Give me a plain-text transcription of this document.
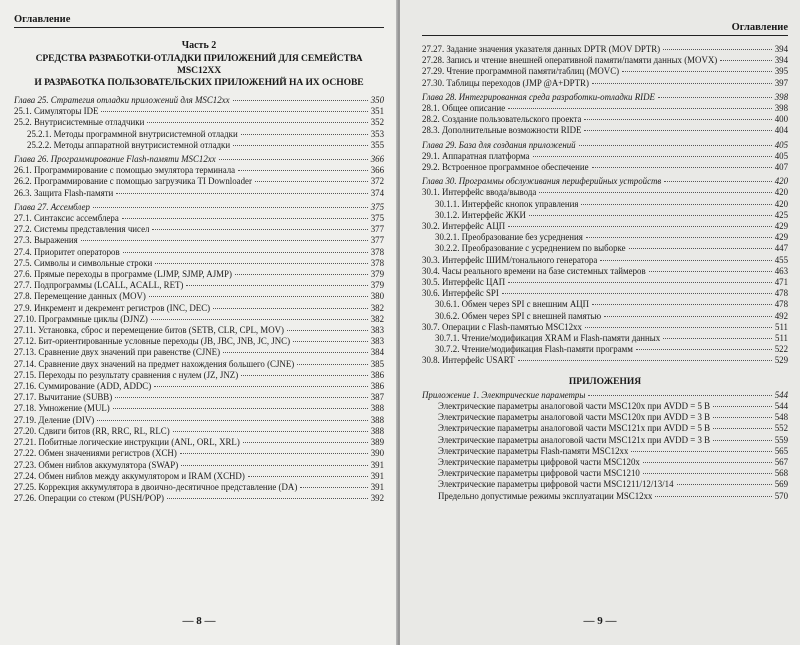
Оглавление
Часть 2
СРЕДСТВА РАЗРАБОТКИ-ОТЛАДКИ ПРИЛОЖЕНИЙ ДЛЯ СЕМЕЙСТВА MSC12XX
И РАЗРАБОТКА ПОЛЬЗОВАТЕЛЬСКИХ ПРИЛОЖЕНИЙ НА ИХ ОСНОВЕ
Глава 25. Стратегия отладки приложений для MSC12xx	350
25.1. Симуляторы IDE	351
25.2. Внутрисистемные отладчики	352
25.2.1. Методы программной внутрисистемной отладки	353
25.2.2. Методы аппаратной внутрисистемной отладки	355
Глава 26. Программирование Flash-памяти MSC12xx	366
26.1. Программирование с помощью эмулятора терминала	366
26.2. Программирование с помощью загрузчика TI Downloader	372
26.3. Защита Flash-памяти	374
Глава 27. Ассемблер	375
27.1. Синтаксис ассемблера	375
27.2. Системы представления чисел	377
27.3. Выражения	377
27.4. Приоритет операторов	378
27.5. Символы и символьные строки	378
27.6. Прямые переходы в программе (LJMP, SJMP, AJMP)	379
27.7. Подпрограммы (LCALL, ACALL, RET)	379
27.8. Перемещение данных (MOV)	380
27.9. Инкремент и декремент регистров (INC, DEC)	382
27.10. Программные циклы (DJNZ)	382
27.11. Установка, сброс и перемещение битов (SETB, CLR, CPL, MOV)	383
27.12. Бит-ориентированные условные переходы (JB, JBC, JNB, JC, JNC)	383
27.13. Сравнение двух значений при равенстве (CJNE)	384
27.14. Сравнение двух значений на предмет нахождения большего (CJNE)	385
27.15. Переходы по результату сравнения с нулем (JZ, JNZ)	386
27.16. Суммирование (ADD, ADDC)	386
27.17. Вычитание (SUBB)	387
27.18. Умножение (MUL)	388
27.19. Деление (DIV)	388
27.20. Сдвиги битов (RR, RRC, RL, RLC)	388
27.21. Побитные логические инструкции (ANL, ORL, XRL)	389
27.22. Обмен значениями регистров (XCH)	390
27.23. Обмен ниблов аккумулятора (SWAP)	391
27.24. Обмен ниблов между аккумулятором и IRAM (XCHD)	391
27.25. Коррекция аккумулятора в двоично-десятичное представление (DA)	391
27.26. Операции со стеком (PUSH/POP)	392
— 8 —
Оглавление
27.27. Задание значения указателя данных DPTR (MOV DPTR)	394
27.28. Запись и чтение внешней оперативной памяти/памяти данных (MOVX)	394
27.29. Чтение программной памяти/таблиц (MOVC)	395
27.30. Таблицы переходов (JMP @A+DPTR)	397
Глава 28. Интегрированная среда разработки-отладки RIDE	398
28.1. Общее описание	398
28.2. Создание пользовательского проекта	400
28.3. Дополнительные возможности RIDE	404
Глава 29. База для создания приложений	405
29.1. Аппаратная платформа	405
29.2. Встроенное программное обеспечение	407
Глава 30. Программы обслуживания периферийных устройств	420
30.1. Интерфейс ввода/вывода	420
30.1.1. Интерфейс кнопок управления	420
30.1.2. Интерфейс ЖКИ	425
30.2. Интерфейс АЦП	429
30.2.1. Преобразование без усреднения	429
30.2.2. Преобразование с усреднением по выборке	447
30.3. Интерфейс ШИМ/тонального генератора	455
30.4. Часы реального времени на базе системных таймеров	463
30.5. Интерфейс ЦАП	471
30.6. Интерфейс SPI	478
30.6.1. Обмен через SPI с внешним АЦП	478
30.6.2. Обмен через SPI с внешней памятью	492
30.7. Операции с Flash-памятью MSC12xx	511
30.7.1. Чтение/модификация XRAM и Flash-памяти данных	511
30.7.2. Чтение/модификация Flash-памяти программ	522
30.8. Интерфейс USART	529
ПРИЛОЖЕНИЯ
Приложение 1. Электрические параметры	544
Электрические параметры аналоговой части MSC120x при AVDD = 5 В	544
Электрические параметры аналоговой части MSC120x при AVDD = 3 В	548
Электрические параметры аналоговой части MSC121x при AVDD = 5 В	552
Электрические параметры аналоговой части MSC121x при AVDD = 3 В	559
Электрические параметры Flash-памяти MSC12xx	565
Электрические параметры цифровой части MSC120x	567
Электрические параметры цифровой части MSC1210	568
Электрические параметры цифровой части MSC1211/12/13/14	569
Предельно допустимые режимы эксплуатации MSC12xx	570
— 9 —
